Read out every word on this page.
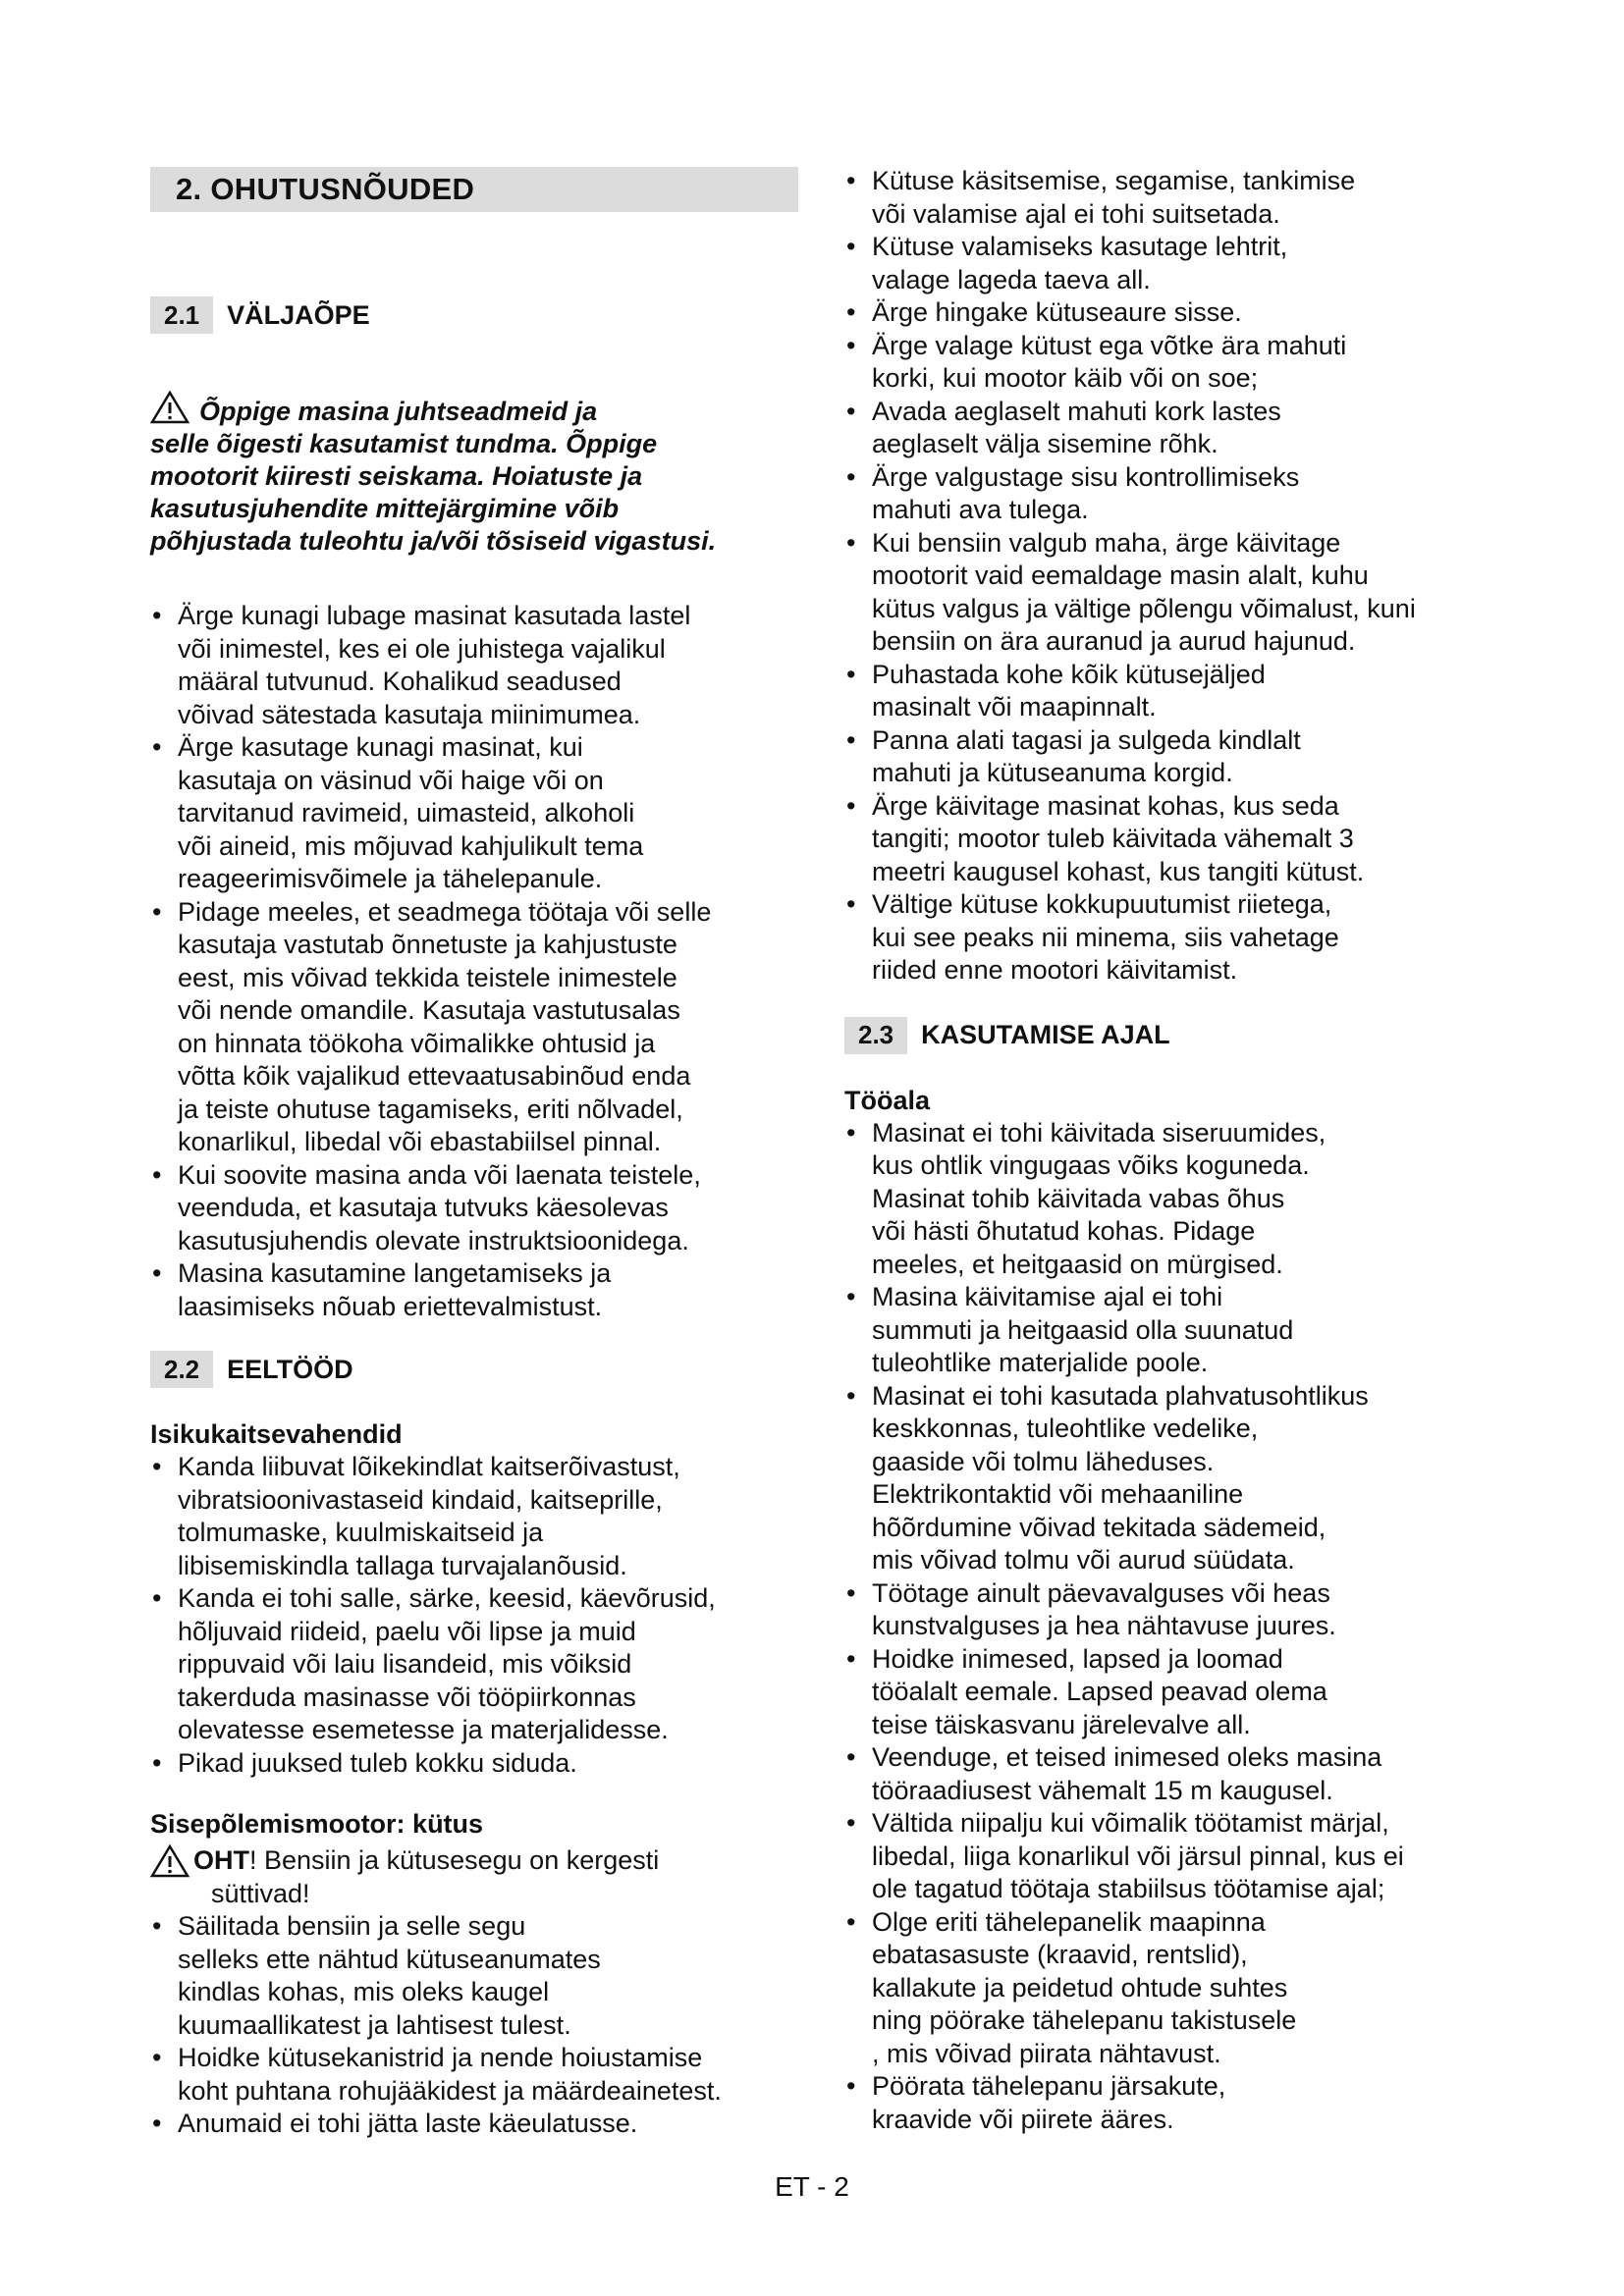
2.
OHUTUSNÕUDED
2.1	VÄLJAÕPE
Õppige masina juhtseadmeid ja
selle õigesti kasutamist tundma. Õppige
mootorit kiiresti seiskama. Hoiatuste ja
kasutusjuhendite mittejärgimine võib
põhjustada tuleohtu ja/või tõsiseid vigastusi.
• Ärge kunagi lubage masinat kasutada lastel
või inimestel, kes ei ole juhistega vajalikul
määral tutvunud. Kohalikud seadused
võivad sätestada kasutaja miinimumea.
• Ärge kasutage kunagi masinat, kui
kasutaja on väsinud või haige või on
tarvitanud ravimeid, uimasteid, alkoholi
või aineid, mis mõjuvad kahjulikult tema
reageerimisvõimele ja tähelepanule.
• Pidage meeles, et seadmega töötaja või selle
kasutaja vastutab õnnetuste ja kahjustuste
eest, mis võivad tekkida teistele inimestele
või nende omandile. Kasutaja vastutusalas
on hinnata töökoha võimalikke ohtusid ja
võtta kõik vajalikud ettevaatusabinõud enda
ja teiste ohutuse tagamiseks, eriti nõlvadel,
konarlikul, libedal või ebastabiilsel pinnal.
• Kui soovite masina anda või laenata teistele,
veenduda, et kasutaja tutvuks käesolevas
kasutusjuhendis olevate instruktsioonidega.
• Masina kasutamine langetamiseks ja
laasimiseks nõuab eriettevalmistust.
2.2	EELTÖÖD
Isikukaitsevahendid
• Kanda liibuvat lõikekindlat kaitserõivastust,
vibratsioonivastaseid kindaid, kaitseprille,
tolmumaske, kuulmiskaitseid ja
libisemiskindla tallaga turvajalanõusid.
• Kanda ei tohi salle, särke, keesid, käevõrusid,
hõljuvaid riideid, paelu või lipse ja muid
rippuvaid või laiu lisandeid, mis võiksid
takerduda masinasse või tööpiirkonnas
olevatesse esemetesse ja materjalidesse.
• Pikad juuksed tuleb kokku siduda.
Sisepõlemismootor: kütus
OHT! Bensiin ja kütusesegu on kergesti
süttivad!
• Säilitada bensiin ja selle segu
selleks ette nähtud kütuseanumates
kindlas kohas, mis oleks kaugel
kuumaallikatest ja lahtisest tulest.
• Hoidke kütusekanistrid ja nende hoiustamise
koht puhtana rohujääkidest ja määrdeainetest.
• Anumaid ei tohi jätta laste käeulatusse.
• Kütuse käsitsemise, segamise, tankimise
või valamise ajal ei tohi suitsetada.
• Kütuse valamiseks kasutage lehtrit,
valage lageda taeva all.
• Ärge hingake kütuseaure sisse.
• Ärge valage kütust ega võtke ära mahuti
korki, kui mootor käib või on soe;
• Avada aeglaselt mahuti kork lastes
aeglaselt välja sisemine rõhk.
• Ärge valgustage sisu kontrollimiseks
mahuti ava tulega.
• Kui bensiin valgub maha, ärge käivitage
mootorit vaid eemaldage masin alalt, kuhu
kütus valgus ja vältige põlengu võimalust, kuni
bensiin on ära auranud ja aurud hajunud.
• Puhastada kohe kõik kütusejäljed
masinalt või maapinnalt.
• Panna alati tagasi ja sulgeda kindlalt
mahuti ja kütuseanuma korgid.
• Ärge käivitage masinat kohas, kus seda
tangiti; mootor tuleb käivitada vähemalt 3
meetri kaugusel kohast, kus tangiti kütust.
• Vältige kütuse kokkupuutumist riietega,
kui see peaks nii minema, siis vahetage
riided enne mootori käivitamist.
2.3	KASUTAMISE AJAL
Tööala
• Masinat ei tohi käivitada siseruumides,
kus ohtlik vingugaas võiks koguneda.
Masinat tohib käivitada vabas õhus
või hästi õhutatud kohas. Pidage
meeles, et heitgaasid on mürgised.
• Masina käivitamise ajal ei tohi
summuti ja heitgaasid olla suunatud
tuleohtlike materjalide poole.
• Masinat ei tohi kasutada plahvatusohtlikus
keskkonnas, tuleohtlike vedelike,
gaaside või tolmu läheduses.
Elektrikontaktid või mehaaniline
hõõrdumine võivad tekitada sädemeid,
mis võivad tolmu või aurud süüdata.
• Töötage ainult päevavalguses või heas
kunstvalguses ja hea nähtavuse juures.
• Hoidke inimesed, lapsed ja loomad
tööalalt eemale. Lapsed peavad olema
teise täiskasvanu järelevalve all.
• Veenduge, et teised inimesed oleks masina
tööraadiusest vähemalt 15 m kaugusel.
• Vältida niipalju kui võimalik töötamist märjal,
libedal, liiga konarlikul või järsul pinnal, kus ei
ole tagatud töötaja stabiilsus töötamise ajal;
• Olge eriti tähelepanelik maapinna
ebatasasuste (kraavid, rentslid),
kallakute ja peidetud ohtude suhtes
ning pöörake tähelepanu takistusele
, mis võivad piirata nähtavust.
• Pöörata tähelepanu järsakute,
kraavide või piirete ääres.
ET - 2
